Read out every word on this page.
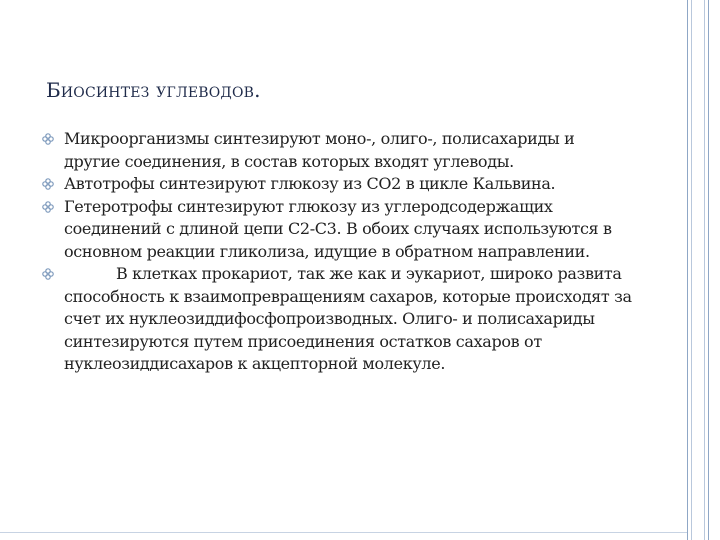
Биосинтез углеводов.
Микроорганизмы синтезируют моно-, олиго-, полисахариды и другие соединения, в состав которых входят углеводы.
Автотрофы синтезируют глюкозу из СО2 в цикле Кальвина.
Гетеротрофы синтезируют глюкозу из углеродсодержащих соединений с длиной цепи С2-С3. В обоих случаях используются в основном реакции гликолиза, идущие в обратном направлении.
В клетках прокариот, так же как и эукариот, широко развита способность к взаимопревращениям сахаров, которые происходят за счет их нуклеозиддифосфопроизводных. Олиго- и полисахариды синтезируются путем присоединения остатков сахаров от нуклеозиддисахаров к акцепторной молекуле.
